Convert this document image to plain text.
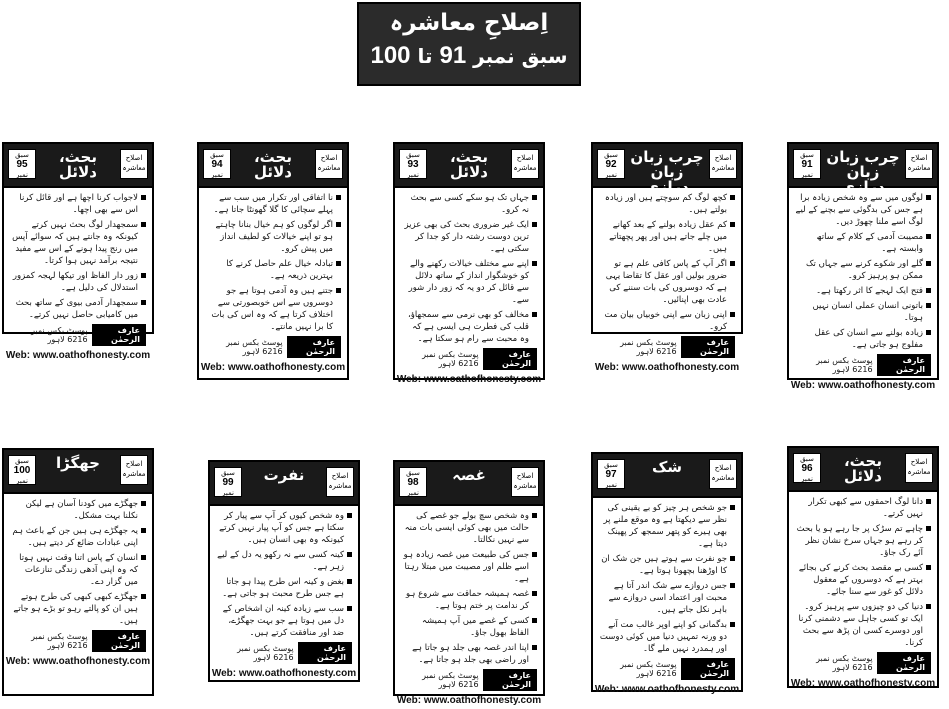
اِصلاحِ معاشرہ
سبق نمبر 91 تا 100
سبق
95
نمبر
بحث، دلائل
اصلاح معاشرہ
لاجواب کرنا اچھا ہے اور قائل کرنا اس سے بھی اچھا۔
سمجھدار لوگ بحث نہیں کرتے کیونکہ وہ جانتے ہیں کہ سوائے آپس میں رنج پیدا ہونے کے اس سے مفید نتیجہ برآمد نہیں ہوا کرتا۔
زور دار الفاظ اور تیکھا لہجہ کمزور استدلال کی دلیل ہے۔
سمجھدار آدمی بیوی کے ساتھ بحث میں کامیابی حاصل نہیں کرتے۔
عارف الرحمٰن
پوسٹ بکس نمبر 6216 لاہور
Web: www.oathofhonesty.com
سبق
94
نمبر
بحث، دلائل
اصلاح معاشرہ
نا اتفاقی اور تکرار میں سب سے پہلے سچائی کا گلا گھونٹا جاتا ہے۔
اگر لوگوں کو ہم خیال بنانا چاہتے ہو تو اپنے خیالات کو لطیف انداز میں پیش کرو۔
تبادلہ خیال علم حاصل کرنے کا بہترین ذریعہ ہے۔
جتنے ہیں وہ آدمی ہوتا ہے جو دوسروں سے اس خوبصورتی سے اختلاف کرتا ہے کہ وہ اس کی بات کا برا نہیں مانتے۔
عارف الرحمٰن
پوسٹ بکس نمبر 6216 لاہور
Web: www.oathofhonesty.com
سبق
93
نمبر
بحث، دلائل
اصلاح معاشرہ
جہاں تک ہو سکے کسی سے بحث نہ کرو۔
ایک غیر ضروری بحث کی بھی عزیز ترین دوست رشتہ دار کو جدا کر سکتی ہے۔
اپنے سے مختلف خیالات رکھنے والے کو خوشگوار انداز کے ساتھ دلائل سے قائل کر دو یہ کہ زور دار شور سے۔
مخالف کو بھی نرمی سے سمجھاؤ، قلب کی فطرت ہی ایسی ہے کہ وہ محبت سے رام ہو سکتا ہے۔
عارف الرحمٰن
پوسٹ بکس نمبر 6216 لاہور
Web: www.oathofhonesty.com
سبق
92
نمبر
چرب زبان زبان درازی
اصلاح معاشرہ
کچھ لوگ کم سوچتے ہیں اور زیادہ بولتے ہیں۔
کم عقل زیادہ بولنے کے بعد کھانے میں چلے جاتے ہیں اور پھر پچھتاتے ہیں۔
اگر آپ کے پاس کافی علم ہے تو ضرور بولیں اور عقل کا تقاضا یہی ہے کہ دوسروں کی بات سننے کی عادت بھی اپنائیں۔
اپنی زبان سے اپنی خوبیاں بیان مت کرو۔
عارف الرحمٰن
پوسٹ بکس نمبر 6216 لاہور
Web: www.oathofhonesty.com
سبق
91
نمبر
چرب زبان زبان درازی
اصلاح معاشرہ
لوگوں میں سے وہ شخص زیادہ برا ہے جس کی بدگوئی سے بچنے کے لیے لوگ اسے ملنا چھوڑ دیں۔
مصیبت آدمی کے کلام کے ساتھ وابستہ ہے۔
گلے اور شکوے کرنے سے جہاں تک ممکن ہو پرہیز کرو۔
فتح ایک لہجے کا اثر رکھتا ہے۔
باتونی انسان عملی انسان نہیں ہوتا۔
زیادہ بولنے سے انسان کی عقل مفلوج ہو جاتی ہے۔
عارف الرحمٰن
پوسٹ بکس نمبر 6216 لاہور
Web: www.oathofhonesty.com
سبق
100
نمبر
جھگڑا	اصلاح معاشرہ
جھگڑے میں کودنا آسان ہے لیکن نکلنا بہت مشکل۔
یہ جھگڑے ہی ہیں جن کے باعث ہم اپنی عبادات ضائع کر دیتے ہیں۔
انسان کے پاس اتنا وقت نہیں ہوتا کہ وہ اپنی آدھی زندگی تنازعات میں گزار دے۔
جھگڑے کبھی کبھی کی طرح ہوتے ہیں ان کو پالتے رہو تو بڑے ہو جاتے ہیں۔
عارف الرحمٰن
پوسٹ بکس نمبر 6216 لاہور
Web: www.oathofhonesty.com
سبق
99
نمبر
نفرت	اصلاح معاشرہ
وہ شخص کیوں کر آپ سے پیار کر سکتا ہے جس کو آپ پیار نہیں کرتے کیونکہ وہ بھی انسان ہیں۔
کینہ کسی سے نہ رکھو یہ دل کے لیے زہر ہے۔
بغض و کینہ اس طرح پیدا ہو جاتا ہے جس طرح محبت ہو جاتی ہے۔
سب سے زیادہ کینہ ان اشخاص کے دل میں ہوتا ہے جو بہت جھگڑے، ضد اور منافقت کرتے ہیں۔
عارف الرحمٰن
پوسٹ بکس نمبر 6216 لاہور
Web: www.oathofhonesty.com
سبق
98
نمبر
غصہ	اصلاح معاشرہ
وہ شخص سچ بولے جو غصے کی حالت میں بھی کوئی ایسی بات منہ سے نہیں نکالتا۔
جس کی طبیعت میں غصہ زیادہ ہو اسے ظلم اور مصیبت میں مبتلا رہتا ہے۔
غصہ ہمیشہ حماقت سے شروع ہو کر ندامت پر ختم ہوتا ہے۔
کسی کے غصے میں آپ ہمیشہ الفاظ بھول جاؤ۔
اپنا اندر غصہ بھی جلد ہو جاتا ہے اور راضی بھی جلد ہو جاتا ہے۔
عارف الرحمٰن
پوسٹ بکس نمبر 6216 لاہور
Web: www.oathofhonesty.com
سبق
97
نمبر
شک	اصلاح معاشرہ
جو شخص ہر چیز کو بے یقینی کی نظر سے دیکھتا ہے وہ موقع ملنے پر بھی ہیرے کو پتھر سمجھ کر پھینک دیتا ہے۔
جو نفرت سے ہوتے ہیں جن شک ان کا اوڑھنا بچھونا ہوتا ہے۔
جس دروازے سے شک اندر آتا ہے محبت اور اعتماد اسی دروازے سے باہر نکل جاتے ہیں۔
بدگمانی کو اپنے اوپر غالب مت آنے دو ورنہ تمہیں دنیا میں کوئی دوست اور ہمدرد نہیں ملے گا۔
عارف الرحمٰن
پوسٹ بکس نمبر 6216 لاہور
Web: www.oathofhonesty.com
سبق
96
نمبر
بحث، دلائل
اصلاح معاشرہ
دانا لوگ احمقوں سے کبھی تکرار نہیں کرتے۔
چاہے تم سڑک پر جا رہے ہو یا بحث کر رہے ہو جہاں سرخ نشان نظر آئے رک جاؤ۔
کسی بے مقصد بحث کرنے کی بجائے بہتر ہے کہ دوسروں کے معقول دلائل کو غور سے سنا جائے۔
دنیا کی دو چیزوں سے پرہیز کرو۔ ایک تو کسی جاہل سے دشمنی کرنا اور دوسرے کسی ان پڑھ سے بحث کرنا۔
عارف الرحمٰن
پوسٹ بکس نمبر 6216 لاہور
Web: www.oathofhonesty.com
